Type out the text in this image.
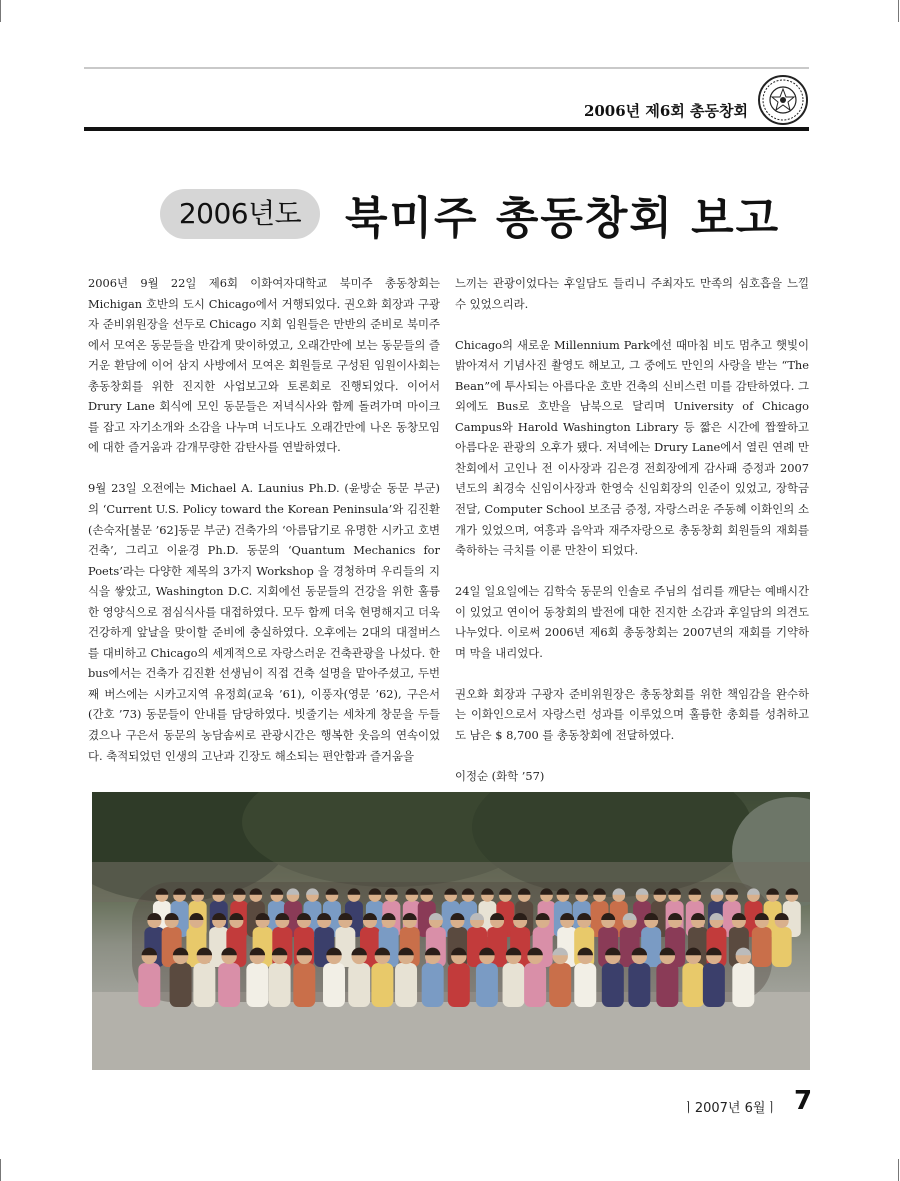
2006년 제6회 총동창회
2006년도 북미주 총동창회 보고

2006년 9월 22일 제6회 이화여자대학교 북미주 총동창회는 Michigan 호반의 도시 Chicago에서 거행되었다. 권오화 회장과 구광자 준비위원장을 선두로 Chicago 지회 임원들은 만반의 준비로 북미주에서 모여온 동문들을 반갑게 맞이하였고, 오래간만에 보는 동문들의 즐거운 환담에 이어 삼지 사방에서 모여온 회원들로 구성된 임원이사회는 총동창회를 위한 진지한 사업보고와 토론회로 진행되었다. 이어서 Drury Lane 회식에 모인 동문들은 저녁식사와 함께 돌려가며 마이크를 잡고 자기소개와 소감을 나누며 너도나도 오래간만에 나온 동창모임에 대한 즐거움과 감개무량한 감탄사를 연발하였다.

9월 23일 오전에는 Michael A. Launius Ph.D. (윤방순 동문 부군)의 ‘Current U.S. Policy toward the Korean Peninsula’와 김진환(손숙자[불문 ’62]동문 부군) 건축가의 ‘아름답기로 유명한 시카고 호변 건축’, 그리고 이윤경 Ph.D. 동문의 ‘Quantum Mechanics for Poets’라는 다양한 제목의 3가지 Workshop 을 경청하며 우리들의 지식을 쌓았고, Washington D.C. 지회에선 동문들의 건강을 위한 훌륭한 영양식으로 점심식사를 대접하였다. 모두 함께 더욱 현명해지고 더욱 건강하게 앞날을 맞이할 준비에 충실하였다. 오후에는 2대의 대절버스를 대비하고 Chicago의 세계적으로 자랑스러운 건축관광을 나섰다. 한 bus에서는 건축가 김진환 선생님이 직접 건축 설명을 맡아주셨고, 두번째 버스에는 시카고지역 유정희(교육 ’61), 이풍자(영문 ’62), 구은서(간호 ’73) 동문들이 안내를 담당하였다. 빗줄기는 세차게 창문을 두들겼으나 구은서 동문의 농담솜씨로 관광시간은 행복한 웃음의 연속이었다. 축적되었던 인생의 고난과 긴장도 해소되는 편안함과 즐거움을

느끼는 관광이었다는 후일담도 들리니 주최자도 만족의 심호흡을 느낄 수 있었으리라.

Chicago의 새로운 Millennium Park에선 때마침 비도 멈추고 햇빛이 밝아져서 기념사진 촬영도 해보고, 그 중에도 만인의 사랑을 받는 “The Bean”에 투사되는 아름다운 호반 건축의 신비스런 미를 감탄하였다. 그 외에도 Bus로 호반을 남북으로 달리며 University of Chicago Campus와 Harold Washington Library 등 짧은 시간에 짭짤하고 아름다운 관광의 오후가 됐다. 저녁에는 Drury Lane에서 열린 연례 만찬회에서 고인나 전 이사장과 김은경 전회장에게 감사패 증정과 2007년도의 최경숙 신임이사장과 한영숙 신임회장의 인준이 있었고, 장학금 전달, Computer School 보조금 증정, 자랑스러운 주동혜 이화인의 소개가 있었으며, 여흥과 음악과 재주자랑으로 총동창회 회원들의 재회를 축하하는 극치를 이룬 만찬이 되었다.

24일 일요일에는 김학숙 동문의 인솔로 주님의 섭리를 깨닫는 예배시간이 있었고 연이어 동창회의 발전에 대한 진지한 소감과 후일담의 의견도 나누었다. 이로써 2006년 제6회 총동창회는 2007년의 재회를 기약하며 막을 내리었다.

권오화 회장과 구광자 준비위원장은 총동창회를 위한 책임감을 완수하는 이화인으로서 자랑스런 성과를 이루었으며 훌륭한 총회를 성취하고도 남은 $ 8,700 를 총동창회에 전달하였다.

이정순 (화학 ’57)

ㅣ2007년 6월ㅣ 7
